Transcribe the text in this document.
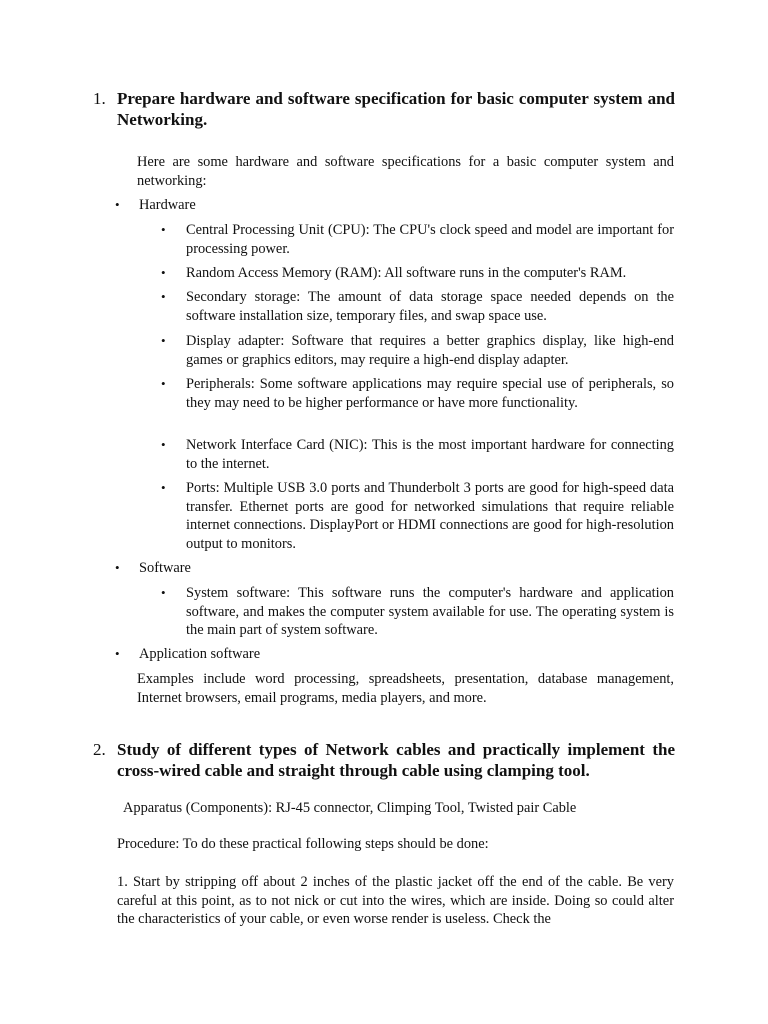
1. Prepare hardware and software specification for basic computer system and Networking.
Here are some hardware and software specifications for a basic computer system and networking:
• Hardware
• Central Processing Unit (CPU): The CPU's clock speed and model are important for processing power.
• Random Access Memory (RAM): All software runs in the computer's RAM.
• Secondary storage: The amount of data storage space needed depends on the software installation size, temporary files, and swap space use.
• Display adapter: Software that requires a better graphics display, like high-end games or graphics editors, may require a high-end display adapter.
• Peripherals: Some software applications may require special use of peripherals, so they may need to be higher performance or have more functionality.
• Network Interface Card (NIC): This is the most important hardware for connecting to the internet.
• Ports: Multiple USB 3.0 ports and Thunderbolt 3 ports are good for high-speed data transfer. Ethernet ports are good for networked simulations that require reliable internet connections. DisplayPort or HDMI connections are good for high-resolution output to monitors.
• Software
• System software: This software runs the computer's hardware and application software, and makes the computer system available for use. The operating system is the main part of system software.
• Application software
Examples include word processing, spreadsheets, presentation, database management, Internet browsers, email programs, media players, and more.
2. Study of different types of Network cables and practically implement the cross-wired cable and straight through cable using clamping tool.
Apparatus (Components): RJ-45 connector, Climping Tool, Twisted pair Cable
Procedure: To do these practical following steps should be done:
1. Start by stripping off about 2 inches of the plastic jacket off the end of the cable. Be very careful at this point, as to not nick or cut into the wires, which are inside. Doing so could alter the characteristics of your cable, or even worse render is useless. Check the
